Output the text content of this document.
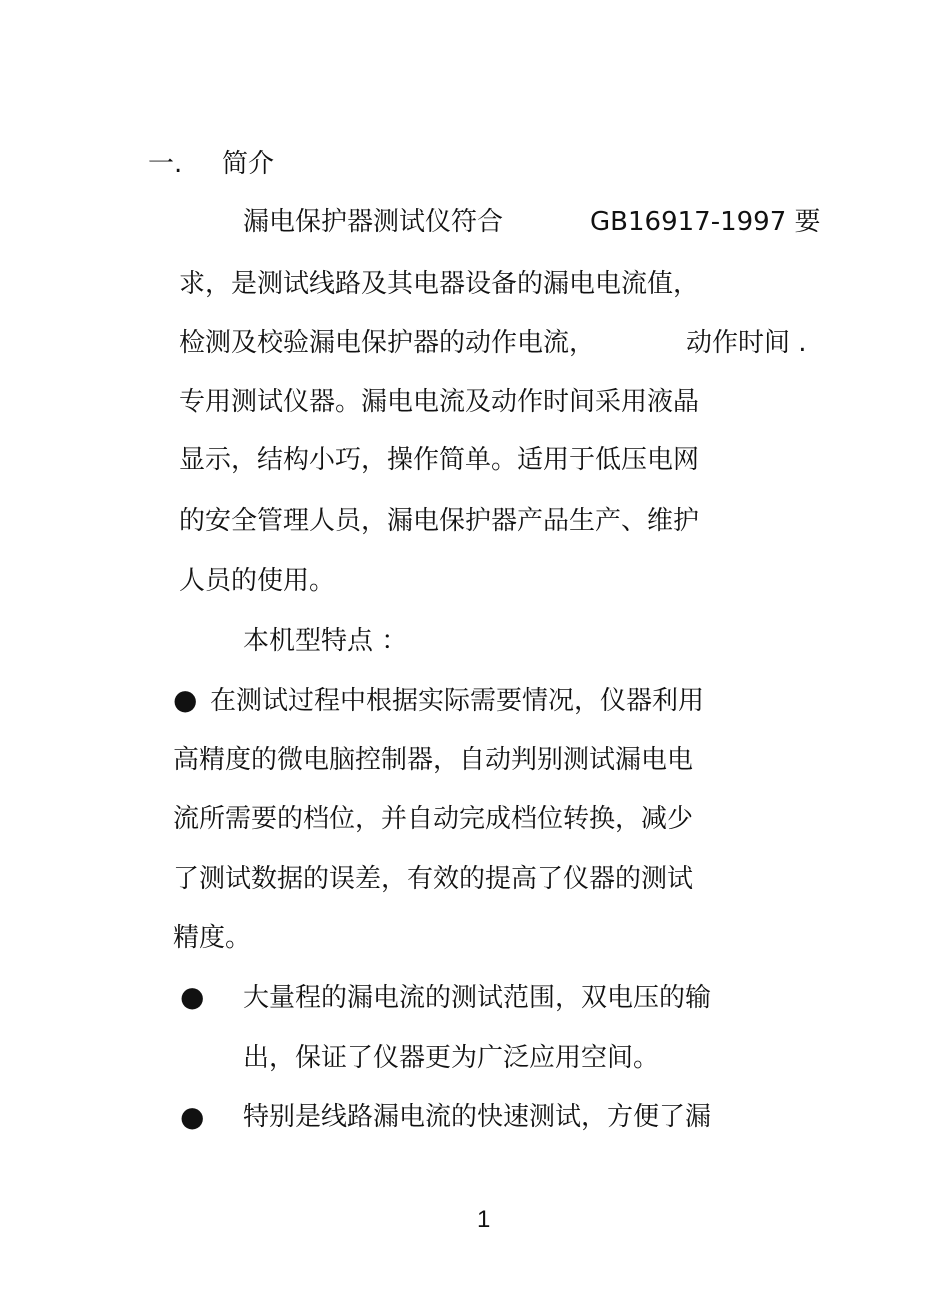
一. 简介
漏电保护器测试仪符合	GB16917-1997 要
求，是测试线路及其电器设备的漏电电流值，
检测及校验漏电保护器的动作电流，	动作时间 .
专用测试仪器。漏电电流及动作时间采用液晶
显示，结构小巧，操作简单。适用于低压电网
的安全管理人员，漏电保护器产品生产、维护
人员的使用。
本机型特点 ：
● 在测试过程中根据实际需要情况，仪器利用
高精度的微电脑控制器，自动判别测试漏电电
流所需要的档位，并自动完成档位转换，减少
了测试数据的误差，有效的提高了仪器的测试
精度。
● 大量程的漏电流的测试范围，双电压的输
出，保证了仪器更为广泛应用空间。
● 特别是线路漏电流的快速测试，方便了漏
1
